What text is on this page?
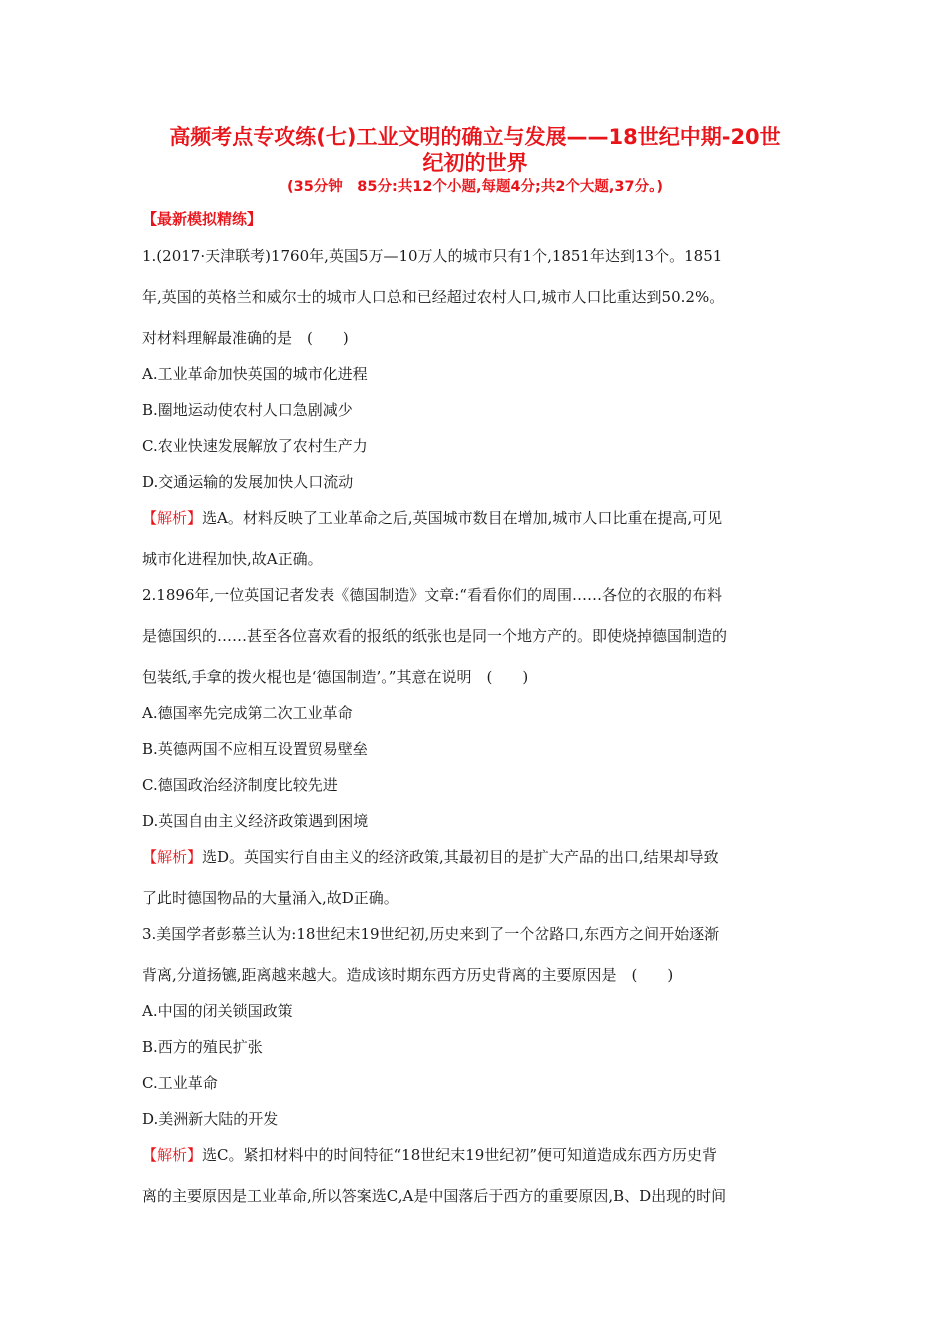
高频考点专攻练(七)工业文明的确立与发展——18世纪中期-20世
纪初的世界
(35分钟　85分:共12个小题,每题4分;共2个大题,37分。)
【最新模拟精练】
1.(2017·天津联考)1760年,英国5万—10万人的城市只有1个,1851年达到13个。1851
年,英国的英格兰和威尔士的城市人口总和已经超过农村人口,城市人口比重达到50.2%。
对材料理解最准确的是　(　　)
A.工业革命加快英国的城市化进程
B.圈地运动使农村人口急剧减少
C.农业快速发展解放了农村生产力
D.交通运输的发展加快人口流动
【解析】选A。材料反映了工业革命之后,英国城市数目在增加,城市人口比重在提高,可见
城市化进程加快,故A正确。
2.1896年,一位英国记者发表《德国制造》文章:“看看你们的周围……各位的衣服的布料
是德国织的……甚至各位喜欢看的报纸的纸张也是同一个地方产的。即使烧掉德国制造的
包装纸,手拿的拨火棍也是‘德国制造’。”其意在说明　(　　)
A.德国率先完成第二次工业革命
B.英德两国不应相互设置贸易壁垒
C.德国政治经济制度比较先进
D.英国自由主义经济政策遇到困境
【解析】选D。英国实行自由主义的经济政策,其最初目的是扩大产品的出口,结果却导致
了此时德国物品的大量涌入,故D正确。
3.美国学者彭慕兰认为:18世纪末19世纪初,历史来到了一个岔路口,东西方之间开始逐渐
背离,分道扬镳,距离越来越大。造成该时期东西方历史背离的主要原因是　(　　)
A.中国的闭关锁国政策
B.西方的殖民扩张
C.工业革命
D.美洲新大陆的开发
【解析】选C。紧扣材料中的时间特征“18世纪末19世纪初”便可知道造成东西方历史背
离的主要原因是工业革命,所以答案选C,A是中国落后于西方的重要原因,B、D出现的时间
